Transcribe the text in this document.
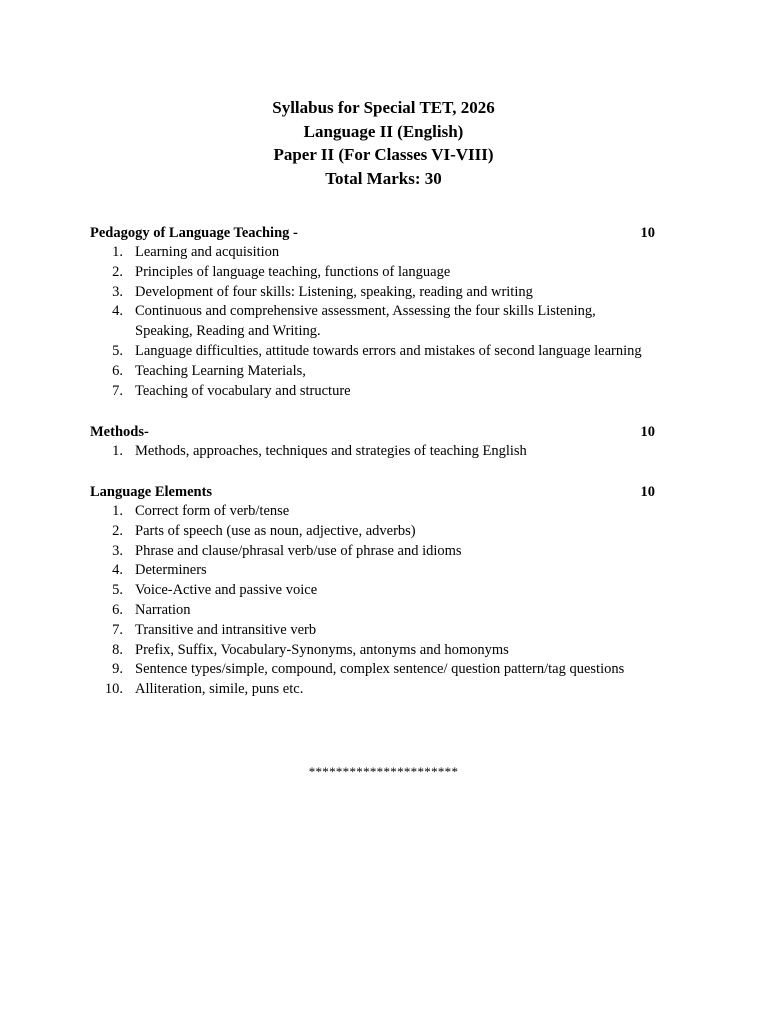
Syllabus for Special TET, 2026
Language II (English)
Paper II (For Classes VI-VIII)
Total Marks: 30
Pedagogy of Language Teaching -	10
1. Learning and acquisition
2. Principles of language teaching, functions of language
3. Development of four skills: Listening, speaking, reading and writing
4. Continuous and comprehensive assessment, Assessing the four skills Listening, Speaking, Reading and Writing.
5. Language difficulties, attitude towards errors and mistakes of second language learning
6. Teaching Learning Materials,
7. Teaching of vocabulary and structure
Methods-	10
1. Methods, approaches, techniques and strategies of teaching English
Language Elements	10
1. Correct form of verb/tense
2. Parts of speech (use as noun, adjective, adverbs)
3. Phrase and clause/phrasal verb/use of phrase and idioms
4. Determiners
5. Voice-Active and passive voice
6. Narration
7. Transitive and intransitive verb
8. Prefix, Suffix, Vocabulary-Synonyms, antonyms and homonyms
9. Sentence types/simple, compound, complex sentence/ question pattern/tag questions
10. Alliteration, simile, puns etc.
**********************
